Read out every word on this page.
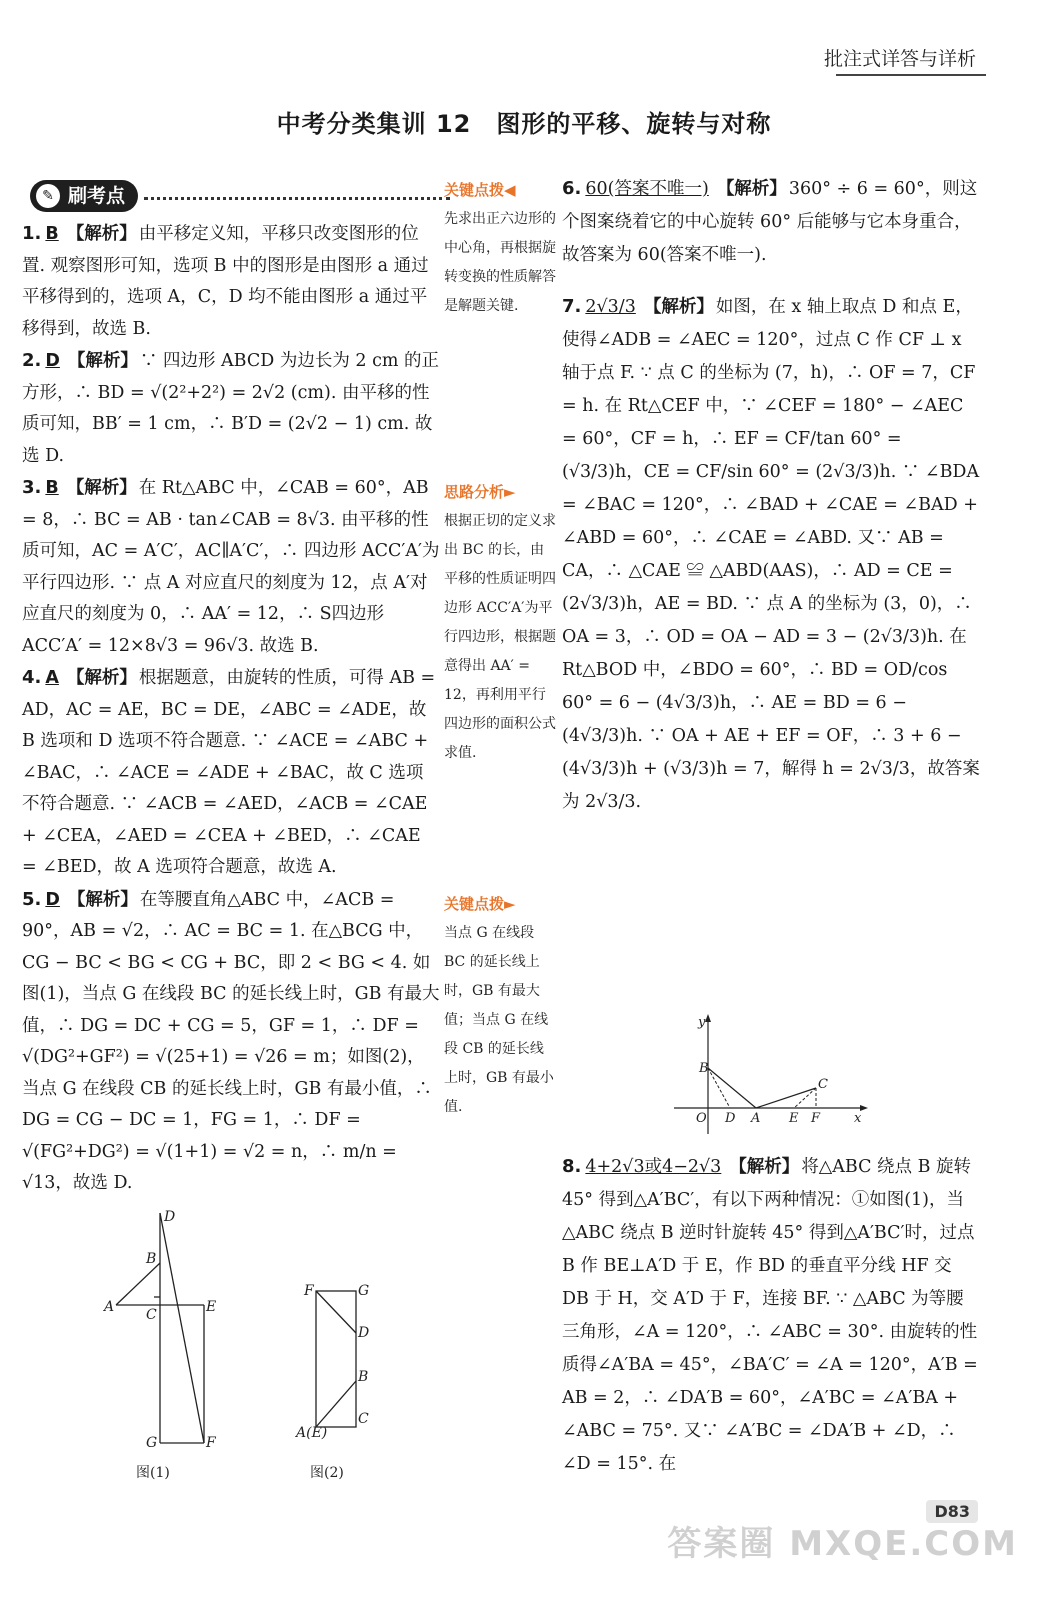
批注式详答与详析
中考分类集训 12　图形的平移、旋转与对称
✎ 刷考点
1. B 【解析】 由平移定义知，平移只改变图形的位置. 观察图形可知，选项 B 中的图形是由图形 a 通过平移得到的，选项 A，C，D 均不能由图形 a 通过平移得到，故选 B.
2. D 【解析】 ∵ 四边形 ABCD 为边长为 2 cm 的正方形，∴ BD = √(2²+2²) = 2√2 (cm). 由平移的性质可知，BB′ = 1 cm，∴ B′D = (2√2 − 1) cm. 故选 D.
3. B 【解析】 在 Rt△ABC 中，∠CAB = 60°，AB = 8，∴ BC = AB · tan∠CAB = 8√3. 由平移的性质可知，AC = A′C′，AC∥A′C′，∴ 四边形 ACC′A′为平行四边形. ∵ 点 A 对应直尺的刻度为 12，点 A′对应直尺的刻度为 0，∴ AA′ = 12，∴ S四边形ACC′A′ = 12×8√3 = 96√3. 故选 B.
4. A 【解析】 根据题意，由旋转的性质，可得 AB = AD，AC = AE，BC = DE，∠ABC = ∠ADE，故 B 选项和 D 选项不符合题意. ∵ ∠ACE = ∠ABC + ∠BAC，∴ ∠ACE = ∠ADE + ∠BAC，故 C 选项不符合题意. ∵ ∠ACB = ∠AED，∠ACB = ∠CAE + ∠CEA，∠AED = ∠CEA + ∠BED，∴ ∠CAE = ∠BED，故 A 选项符合题意，故选 A.
5. D 【解析】 在等腰直角△ABC 中，∠ACB = 90°，AB = √2，∴ AC = BC = 1. 在△BCG 中，CG − BC < BG < CG + BC，即 2 < BG < 4. 如图(1)，当点 G 在线段 BC 的延长线上时，GB 有最大值，∴ DG = DC + CG = 5，GF = 1，∴ DF = √(DG²+GF²) = √(25+1) = √26 = m；如图(2)，当点 G 在线段 CB 的延长线上时，GB 有最小值，∴ DG = CG − DC = 1，FG = 1，∴ DF = √(FG²+DG²) = √(1+1) = √2 = n，∴ m/n = √13，故选 D.
关键点拨◀
先求出正六边形的中心角，再根据旋转变换的性质解答是解题关键.
思路分析►
根据正切的定义求出 BC 的长，由平移的性质证明四边形 ACC′A′为平行四边形，根据题意得出 AA′ = 12，再利用平行四边形的面积公式求值.
关键点拨►
当点 G 在线段 BC 的延长线上时，GB 有最大值；当点 G 在线段 CB 的延长线上时，GB 有最小值.
6. 60(答案不唯一) 【解析】 360° ÷ 6 = 60°，则这个图案绕着它的中心旋转 60° 后能够与它本身重合，故答案为 60(答案不唯一).
7. 2√3/3 【解析】 如图，在 x 轴上取点 D 和点 E，使得∠ADB = ∠AEC = 120°，过点 C 作 CF ⊥ x 轴于点 F. ∵ 点 C 的坐标为 (7，h)，∴ OF = 7，CF = h. 在 Rt△CEF 中，∵ ∠CEF = 180° − ∠AEC = 60°，CF = h，∴ EF = CF/tan 60° = (√3/3)h，CE = CF/sin 60° = (2√3/3)h. ∵ ∠BDA = ∠BAC = 120°，∴ ∠BAD + ∠CAE = ∠BAD + ∠ABD = 60°，∴ ∠CAE = ∠ABD. 又∵ AB = CA，∴ △CAE ≌ △ABD(AAS)，∴ AD = CE = (2√3/3)h，AE = BD. ∵ 点 A 的坐标为 (3，0)，∴ OA = 3，∴ OD = OA − AD = 3 − (2√3/3)h. 在 Rt△BOD 中，∠BDO = 60°，∴ BD = OD/cos 60° = 6 − (4√3/3)h，∴ AE = BD = 6 − (4√3/3)h. ∵ OA + AE + EF = OF，∴ 3 + 6 − (4√3/3)h + (√3/3)h = 7，解得 h = 2√3/3，故答案为 2√3/3.
y
x
O D A E F
B
C
8. 4+2√3或4−2√3 【解析】 将△ABC 绕点 B 旋转 45° 得到△A′BC′，有以下两种情况：①如图(1)，当△ABC 绕点 B 逆时针旋转 45° 得到△A′BC′时，过点 B 作 BE⊥A′D 于 E，作 BD 的垂直平分线 HF 交 DB 于 H，交 A′D 于 F，连接 BF. ∵ △ABC 为等腰三角形，∠A = 120°，∴ ∠ABC = 30°. 由旋转的性质得∠A′BA = 45°，∠BA′C′ = ∠A = 120°，A′B = AB = 2，∴ ∠DA′B = 60°，∠A′BC = ∠A′BA + ∠ABC = 75°. 又∵ ∠A′BC = ∠DA′B + ∠D，∴ ∠D = 15°. 在
D
B
A C	E
G	F
图(1)
F	G
D
B
C
A(E)
图(2)
D83
答案圈 MXQE.COM
